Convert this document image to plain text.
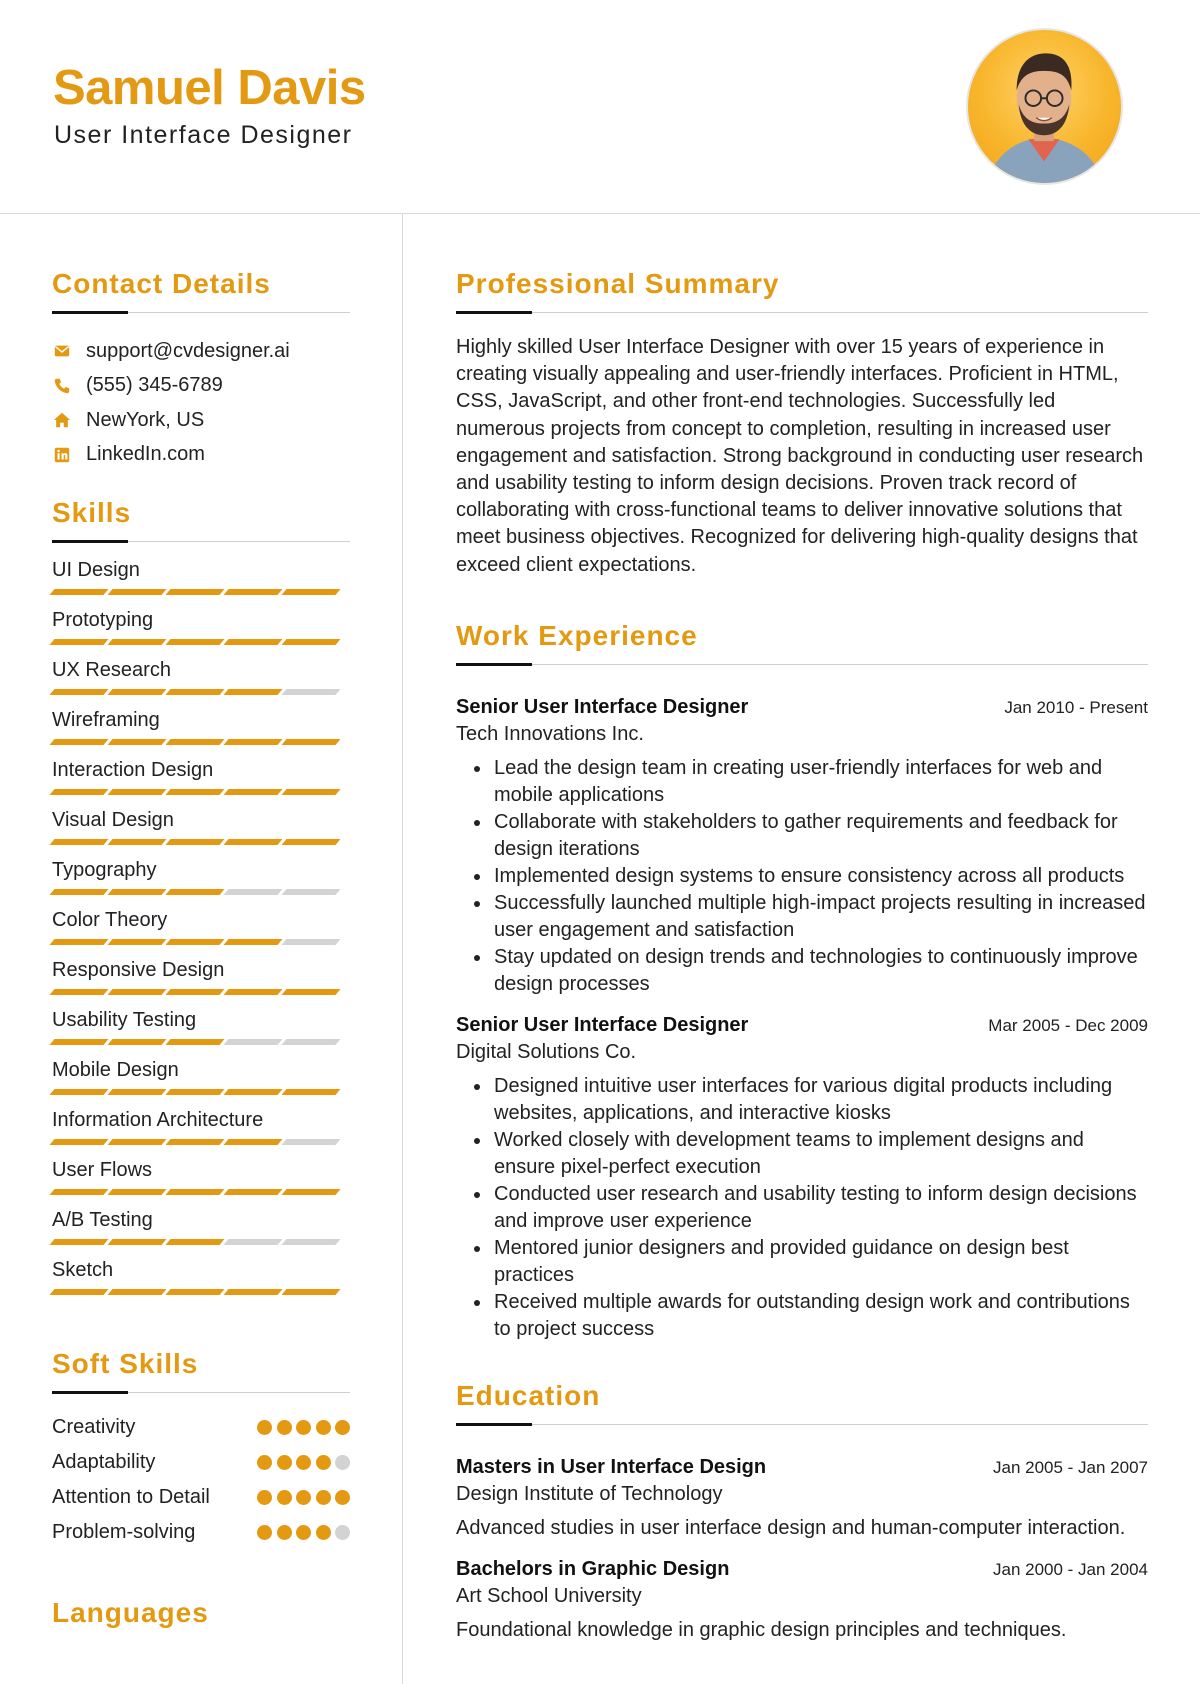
Samuel Davis
User Interface Designer
Contact Details
support@cvdesigner.ai
(555) 345-6789
NewYork, US
LinkedIn.com
Skills
UI Design
Prototyping
UX Research
Wireframing
Interaction Design
Visual Design
Typography
Color Theory
Responsive Design
Usability Testing
Mobile Design
Information Architecture
User Flows
A/B Testing
Sketch
Soft Skills
Creativity
Adaptability
Attention to Detail
Problem-solving
Languages
Professional Summary
Highly skilled User Interface Designer with over 15 years of experience in creating visually appealing and user-friendly interfaces. Proficient in HTML, CSS, JavaScript, and other front-end technologies. Successfully led numerous projects from concept to completion, resulting in increased user engagement and satisfaction. Strong background in conducting user research and usability testing to inform design decisions. Proven track record of collaborating with cross-functional teams to deliver innovative solutions that meet business objectives. Recognized for delivering high-quality designs that exceed client expectations.
Work Experience
Senior User Interface Designer	Jan 2010 - Present
Tech Innovations Inc.
Lead the design team in creating user-friendly interfaces for web and mobile applications
Collaborate with stakeholders to gather requirements and feedback for design iterations
Implemented design systems to ensure consistency across all products
Successfully launched multiple high-impact projects resulting in increased user engagement and satisfaction
Stay updated on design trends and technologies to continuously improve design processes
Senior User Interface Designer	Mar 2005 - Dec 2009
Digital Solutions Co.
Designed intuitive user interfaces for various digital products including websites, applications, and interactive kiosks
Worked closely with development teams to implement designs and ensure pixel-perfect execution
Conducted user research and usability testing to inform design decisions and improve user experience
Mentored junior designers and provided guidance on design best practices
Received multiple awards for outstanding design work and contributions to project success
Education
Masters in User Interface Design	Jan 2005 - Jan 2007
Design Institute of Technology
Advanced studies in user interface design and human-computer interaction.
Bachelors in Graphic Design	Jan 2000 - Jan 2004
Art School University
Foundational knowledge in graphic design principles and techniques.
